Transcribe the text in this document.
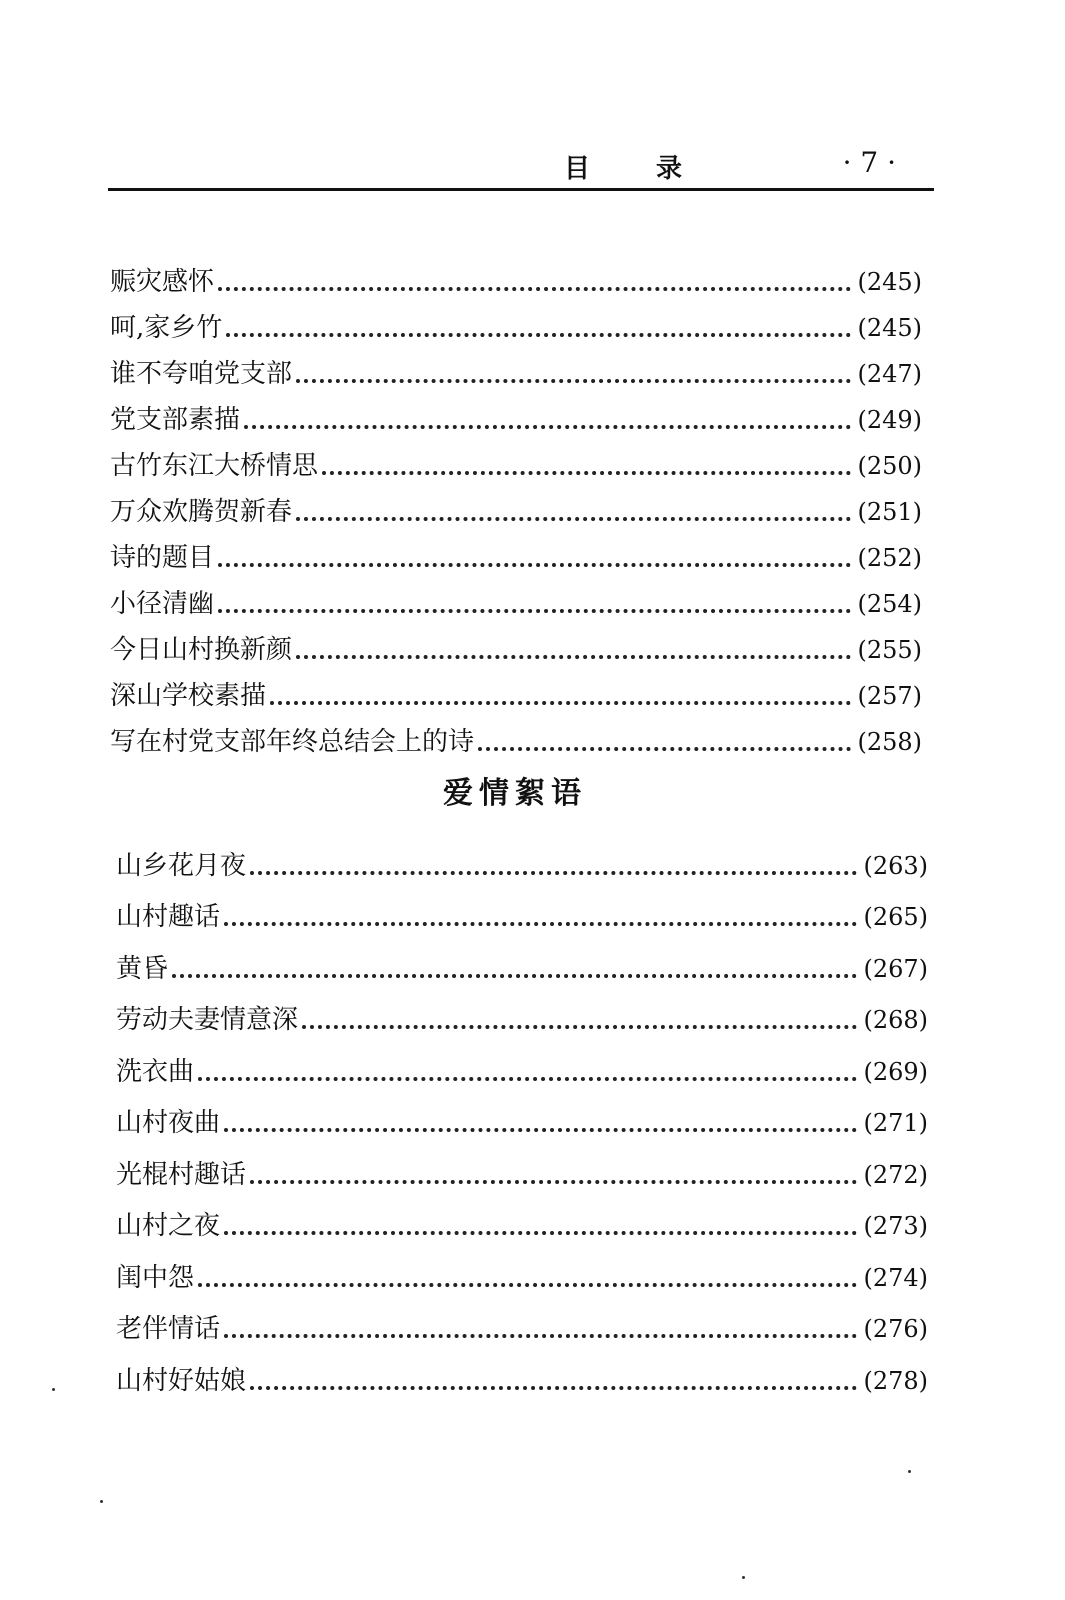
目	录	· 7 ·
赈灾感怀	(245)
呵,家乡竹	(245)
谁不夸咱党支部	(247)
党支部素描	(249)
古竹东江大桥情思	(250)
万众欢腾贺新春	(251)
诗的题目	(252)
小径清幽	(254)
今日山村换新颜	(255)
深山学校素描	(257)
写在村党支部年终总结会上的诗	(258)
爱情絮语
山乡花月夜	(263)
山村趣话	(265)
黄昏	(267)
劳动夫妻情意深	(268)
洗衣曲	(269)
山村夜曲	(271)
光棍村趣话	(272)
山村之夜	(273)
闺中怨	(274)
老伴情话	(276)
山村好姑娘	(278)
